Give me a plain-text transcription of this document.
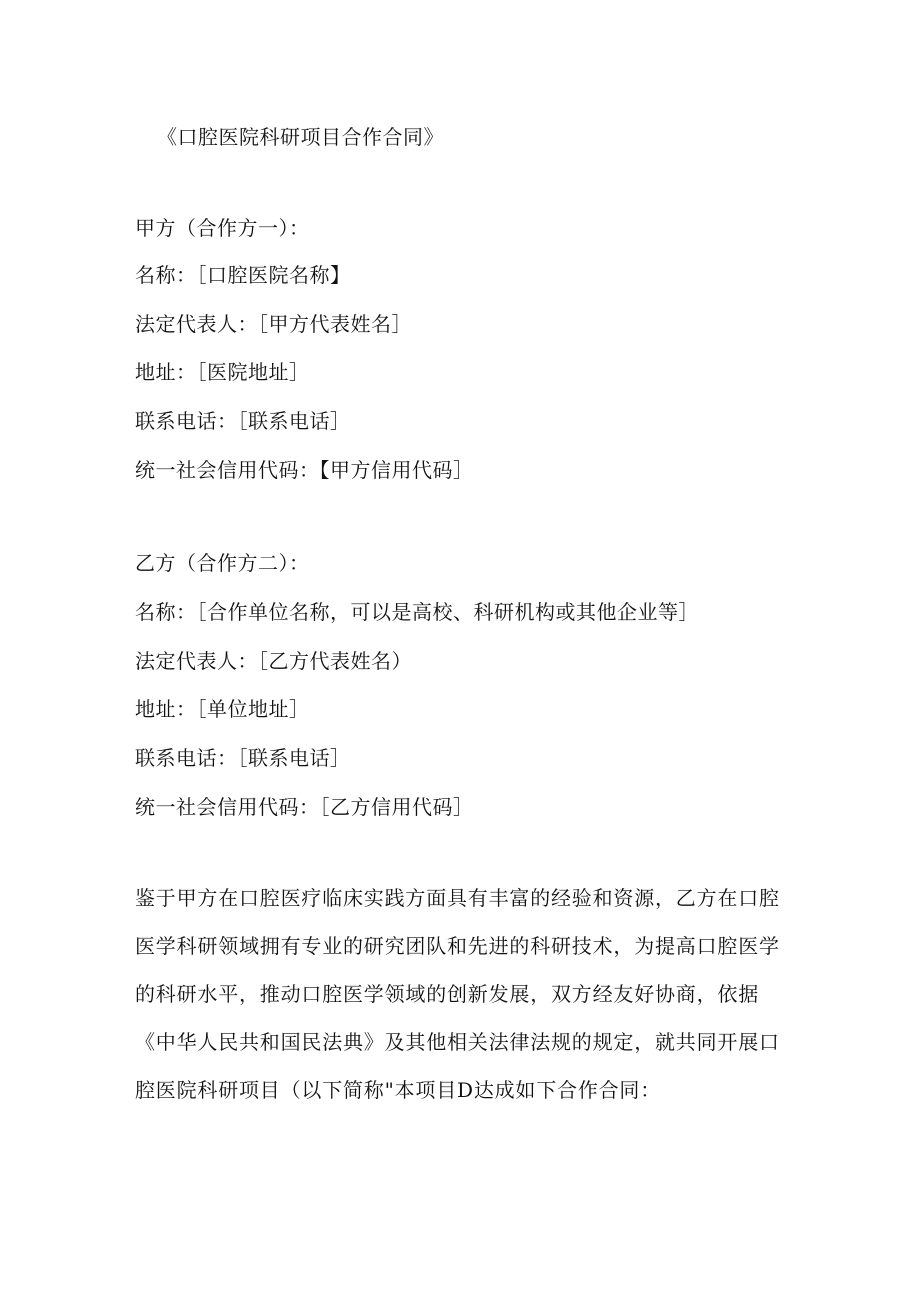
《口腔医院科研项目合作合同》
甲方（合作方一）：
名称：［口腔医院名称】
法定代表人：［甲方代表姓名］
地址：［医院地址］
联系电话：［联系电话］
统一社会信用代码：【甲方信用代码］
乙方（合作方二）：
名称：［合作单位名称，可以是高校、科研机构或其他企业等］
法定代表人：［乙方代表姓名）
地址：［单位地址］
联系电话：［联系电话］
统一社会信用代码：［乙方信用代码］
鉴于甲方在口腔医疗临床实践方面具有丰富的经验和资源，乙方在口腔
医学科研领域拥有专业的研究团队和先进的科研技术，为提高口腔医学
的科研水平，推动口腔医学领域的创新发展，双方经友好协商，依据
《中华人民共和国民法典》及其他相关法律法规的规定，就共同开展口
腔医院科研项目（以下简称"本项目D达成如下合作合同：
